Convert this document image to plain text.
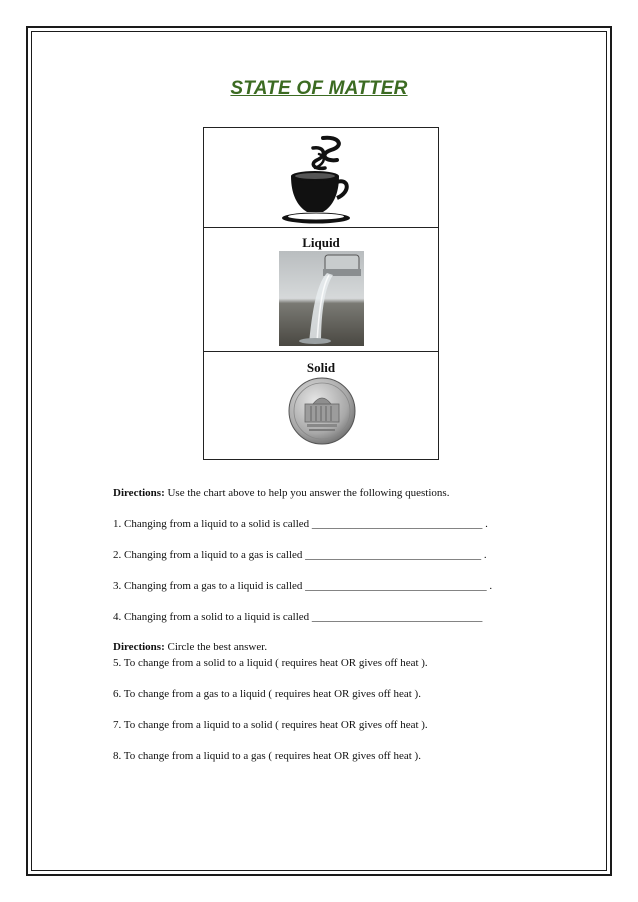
STATE OF MATTER
Liquid
Solid
Directions: Use the chart above to help you answer the following questions.
1. Changing from a liquid to a solid is called _______________________________ .
2. Changing from a liquid to a gas is called ________________________________ .
3. Changing from a gas to a liquid is called _________________________________ .
4. Changing from a solid to a liquid is called _______________________________
Directions: Circle the best answer.
5. To change from a solid to a liquid ( requires heat OR gives off heat ).
6. To change from a gas to a liquid ( requires heat OR gives off heat ).
7. To change from a liquid to a solid ( requires heat OR gives off heat ).
8. To change from a liquid to a gas ( requires heat OR gives off heat ).
